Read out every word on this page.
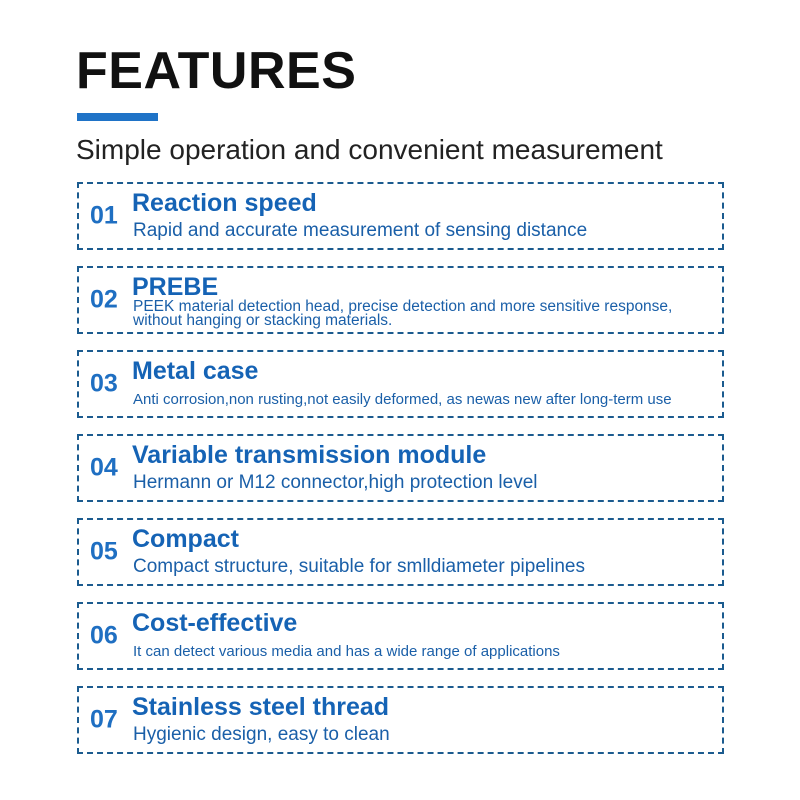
FEATURES

Simple operation and convenient measurement

01 Reaction speed
Rapid and accurate measurement of sensing distance
02 PREBE
PEEK material detection head, precise detection and more sensitive response, without hanging or stacking materials.
03 Metal case
Anti corrosion,non rusting,not easily deformed, as newas new after long-term use
04 Variable transmission module
Hermann or M12 connector,high protection level
05 Compact
Compact structure, suitable for smlldiameter pipelines
06 Cost-effective
It can detect various media and has a wide range of applications
07 Stainless steel thread
Hygienic design, easy to clean
